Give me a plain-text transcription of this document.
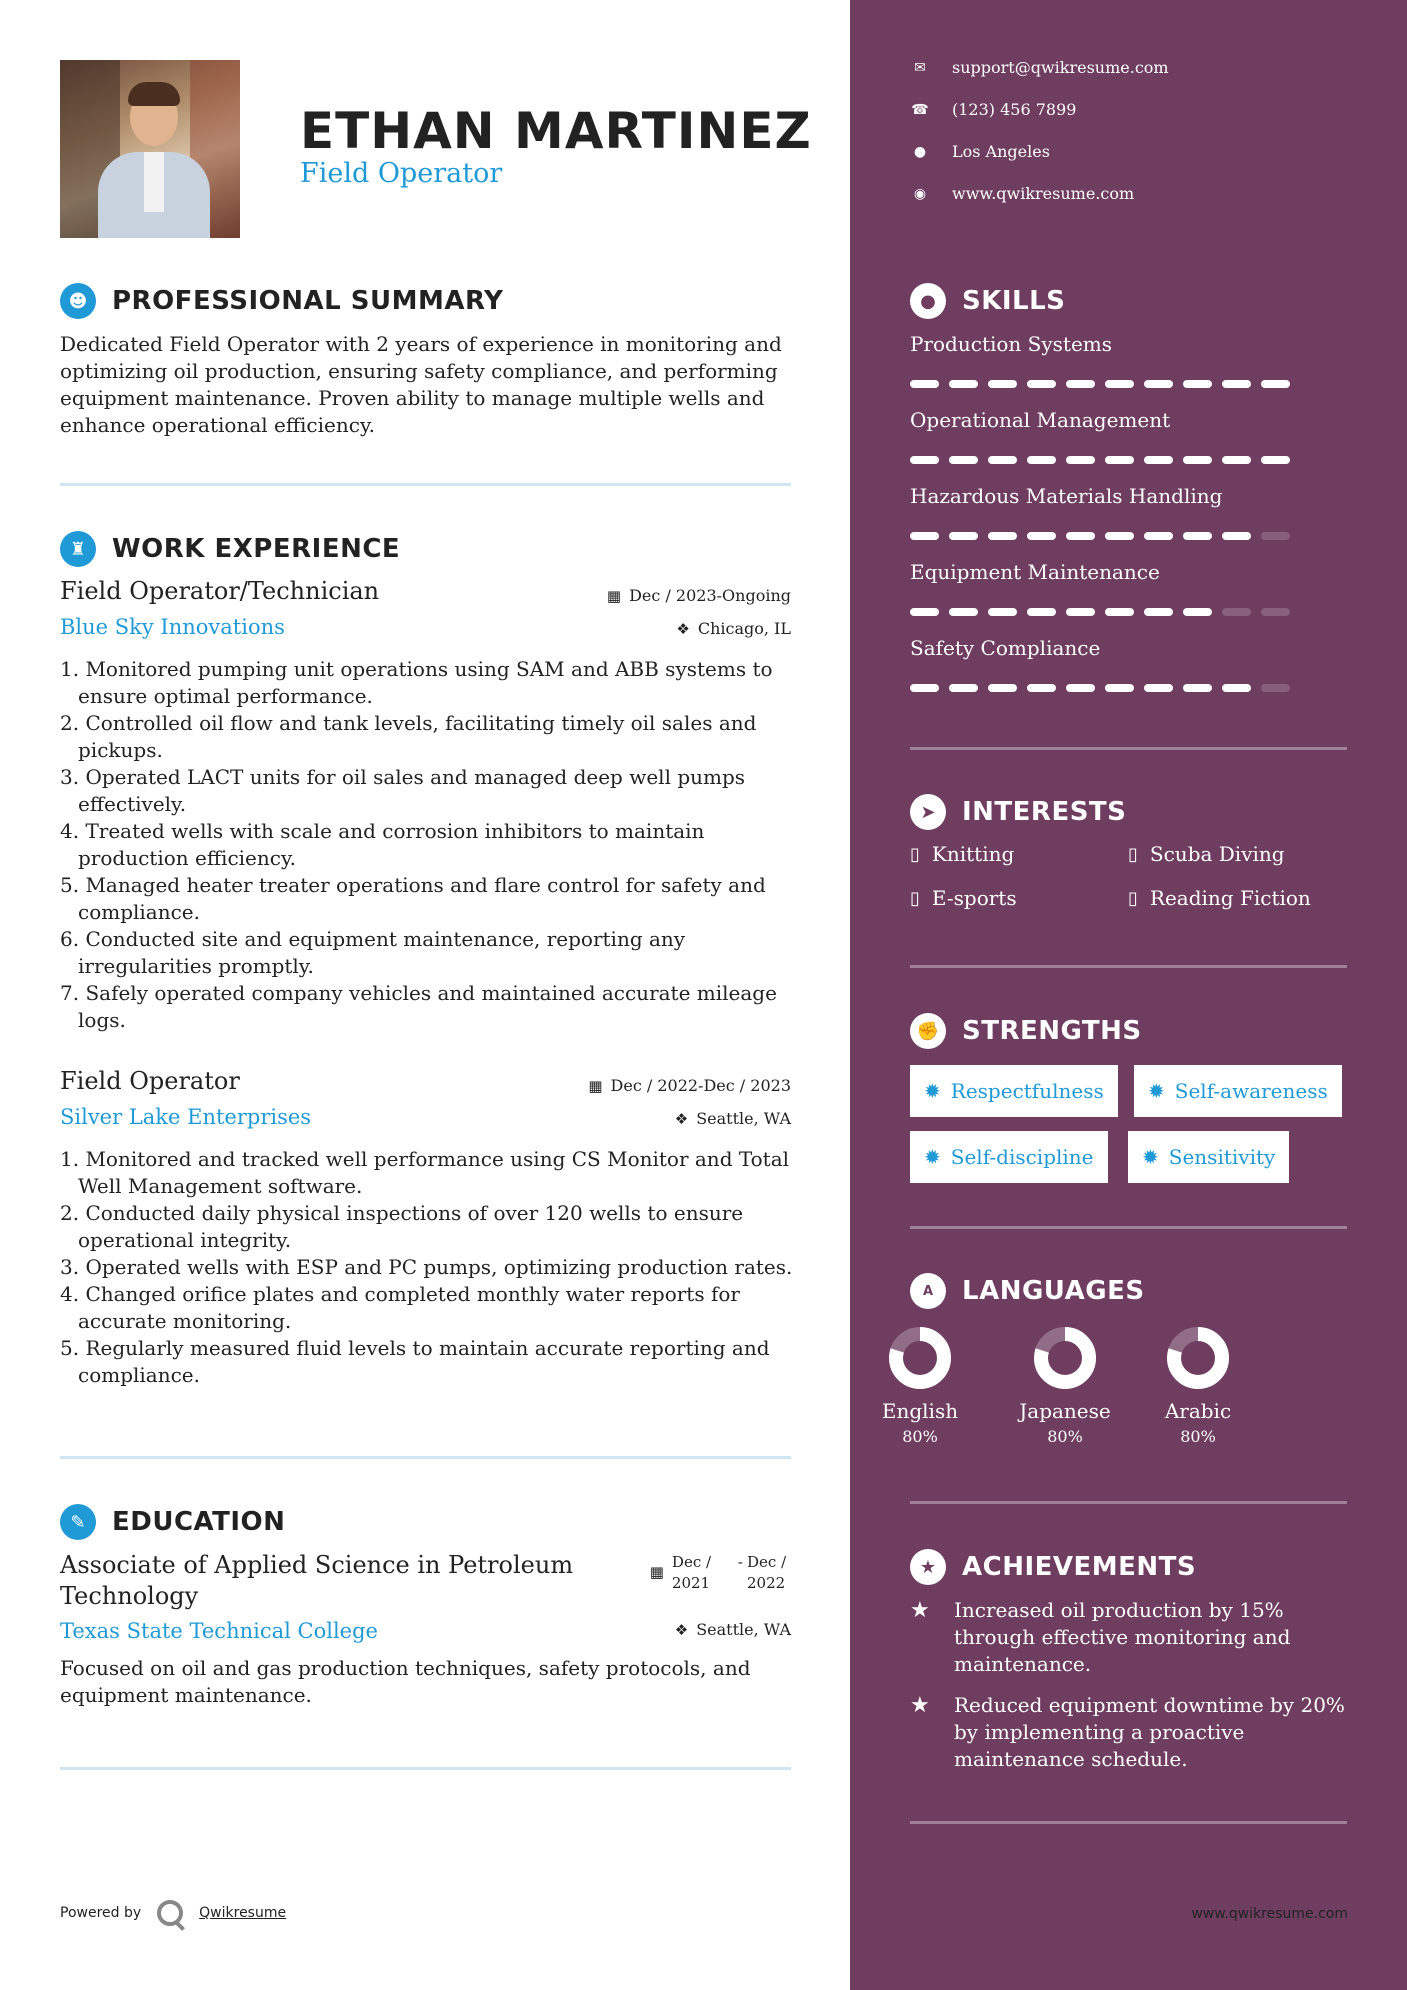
ETHAN MARTINEZ
Field Operator
☻ PROFESSIONAL SUMMARY
Dedicated Field Operator with 2 years of experience in monitoring and optimizing oil production, ensuring safety compliance, and performing equipment maintenance. Proven ability to manage multiple wells and enhance operational efficiency.
♜ WORK EXPERIENCE
Field Operator/Technician	▦ Dec / 2023-Ongoing
Blue Sky Innovations	❖ Chicago, IL
1. Monitored pumping unit operations using SAM and ABB systems to ensure optimal performance.
2. Controlled oil flow and tank levels, facilitating timely oil sales and pickups.
3. Operated LACT units for oil sales and managed deep well pumps effectively.
4. Treated wells with scale and corrosion inhibitors to maintain production efficiency.
5. Managed heater treater operations and flare control for safety and compliance.
6. Conducted site and equipment maintenance, reporting any irregularities promptly.
7. Safely operated company vehicles and maintained accurate mileage logs.
Field Operator	▦ Dec / 2022-Dec / 2023
Silver Lake Enterprises	❖ Seattle, WA
1. Monitored and tracked well performance using CS Monitor and Total Well Management software.
2. Conducted daily physical inspections of over 120 wells to ensure operational integrity.
3. Operated wells with ESP and PC pumps, optimizing production rates.
4. Changed orifice plates and completed monthly water reports for accurate monitoring.
5. Regularly measured fluid levels to maintain accurate reporting and compliance.
✎	EDUCATION
Associate of Applied Science in Petroleum Technology
▦
Dec / 2021
- Dec / 2022
Texas State Technical College	❖ Seattle, WA
Focused on oil and gas production techniques, safety protocols, and equipment maintenance.
Powered by	Qwikresume
✉ support@qwikresume.com
☎ (123) 456 7899
● Los Angeles
◉ www.qwikresume.com
●	SKILLS
Production Systems
Operational Management
Hazardous Materials Handling
Equipment Maintenance
Safety Compliance
➤	INTERESTS
▯ Knitting	▯ Scuba Diving
▯ E-sports	▯ Reading Fiction
✊ STRENGTHS
✹ Respectfulness ✹ Self-awareness
✹ Self-discipline ✹ Sensitivity
A	LANGUAGES
English
80%
Japanese
80%
Arabic
80%
★ ACHIEVEMENTS
★	Increased oil production by 15% through effective monitoring and maintenance.
★	Reduced equipment downtime by 20% by implementing a proactive maintenance schedule.
www.qwikresume.com
